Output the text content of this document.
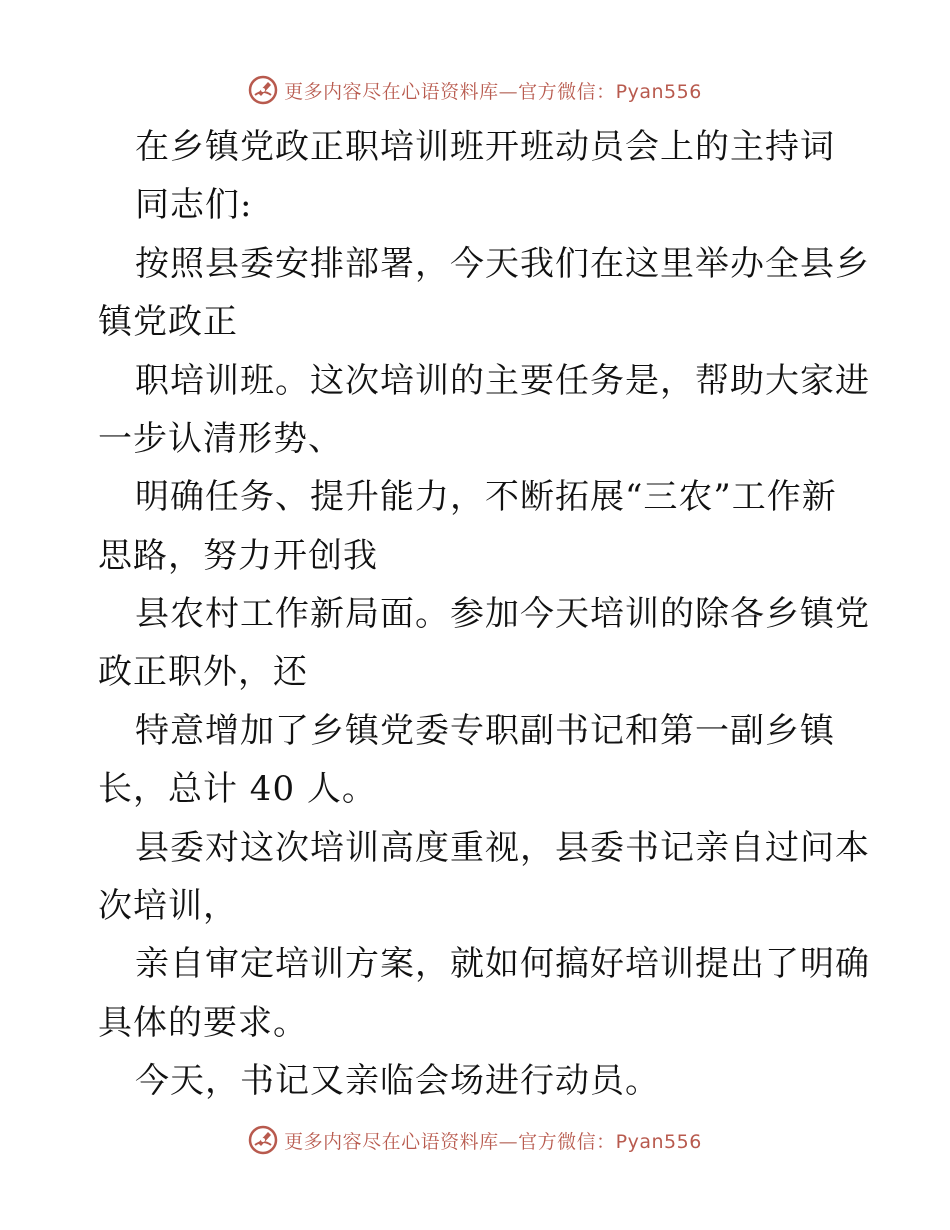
更多内容尽在心语资料库—官方微信：Pyan556
在乡镇党政正职培训班开班动员会上的主持词
同志们:
按照县委安排部署，今天我们在这里举办全县乡
镇党政正
职培训班。这次培训的主要任务是，帮助大家进
一步认清形势、
明确任务、提升能力，不断拓展“三农”工作新
思路，努力开创我
县农村工作新局面。参加今天培训的除各乡镇党
政正职外，还
特意增加了乡镇党委专职副书记和第一副乡镇
长，总计 40 人。
县委对这次培训高度重视，县委书记亲自过问本
次培训，
亲自审定培训方案，就如何搞好培训提出了明确
具体的要求。
今天，书记又亲临会场进行动员。
更多内容尽在心语资料库—官方微信：Pyan556
